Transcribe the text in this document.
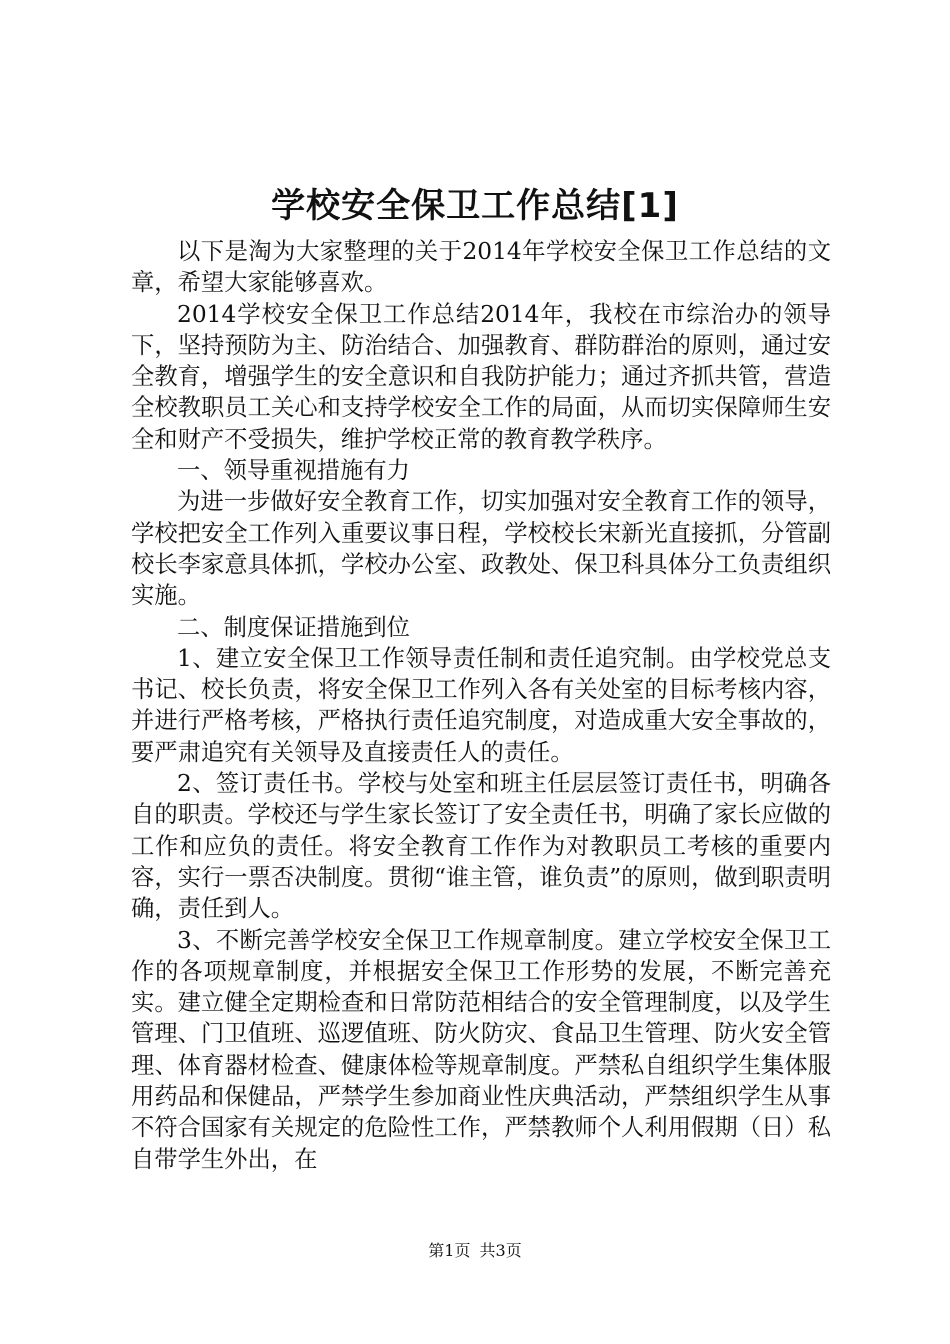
学校安全保卫工作总结[1]

以下是淘为大家整理的关于2014年学校安全保卫工作总结的文章，希望大家能够喜欢。

2014学校安全保卫工作总结2014年，我校在市综治办的领导下，坚持预防为主、防治结合、加强教育、群防群治的原则，通过安全教育，增强学生的安全意识和自我防护能力；通过齐抓共管，营造全校教职员工关心和支持学校安全工作的局面，从而切实保障师生安全和财产不受损失，维护学校正常的教育教学秩序。

一、领导重视措施有力

为进一步做好安全教育工作，切实加强对安全教育工作的领导，学校把安全工作列入重要议事日程，学校校长宋新光直接抓，分管副校长李家意具体抓，学校办公室、政教处、保卫科具体分工负责组织实施。

二、制度保证措施到位

1、建立安全保卫工作领导责任制和责任追究制。由学校党总支书记、校长负责，将安全保卫工作列入各有关处室的目标考核内容，并进行严格考核，严格执行责任追究制度，对造成重大安全事故的，要严肃追究有关领导及直接责任人的责任。

2、签订责任书。学校与处室和班主任层层签订责任书，明确各自的职责。学校还与学生家长签订了安全责任书，明确了家长应做的工作和应负的责任。将安全教育工作作为对教职员工考核的重要内容，实行一票否决制度。贯彻“谁主管，谁负责”的原则，做到职责明确，责任到人。

3、不断完善学校安全保卫工作规章制度。建立学校安全保卫工作的各项规章制度，并根据安全保卫工作形势的发展，不断完善充实。建立健全定期检查和日常防范相结合的安全管理制度，以及学生管理、门卫值班、巡逻值班、防火防灾、食品卫生管理、防火安全管理、体育器材检查、健康体检等规章制度。严禁私自组织学生集体服用药品和保健品，严禁学生参加商业性庆典活动，严禁组织学生从事不符合国家有关规定的危险性工作，严禁教师个人利用假期（日）私自带学生外出，在

第1页 共3页
